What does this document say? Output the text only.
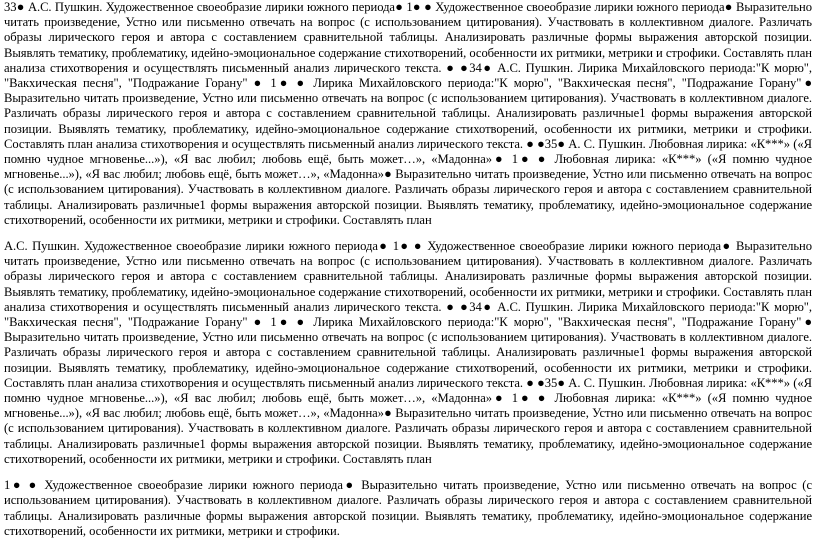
33● А.С. Пушкин. Художественное своеобразие лирики южного периода● 1● ● Художественное своеобразие лирики южного периода● Выразительно читать произведение, Устно или письменно отвечать на вопрос (с использованием цитирования). Участвовать в коллективном диалоге. Различать образы лирического героя и автора с составлением сравнительной таблицы. Анализировать различные формы выражения авторской позиции. Выявлять тематику, проблематику, идейно-эмоциональное содержание стихотворений, особенности их ритмики, метрики и строфики. Составлять план анализа стихотворения и осуществлять письменный анализ лирического текста. ● ●34● А.С. Пушкин. Лирика Михайловского периода:"К морю", "Вакхическая песня", "Подражание Горану" ● 1● ● Лирика Михайловского периода:"К морю", "Вакхическая песня", "Подражание Горану"● Выразительно читать произведение, Устно или письменно отвечать на вопрос (с использованием цитирования). Участвовать в коллективном диалоге. Различать образы лирического героя и автора с составлением сравнительной таблицы. Анализировать различные1 формы выражения авторской позиции. Выявлять тематику, проблематику, идейно-эмоциональное содержание стихотворений, особенности их ритмики, метрики и строфики. Составлять план анализа стихотворения и осуществлять письменный анализ лирического текста. ● ●35● А. С. Пушкин. Любовная лирика: «К***» («Я помню чудное мгновенье...»), «Я вас любил; любовь ещё, быть может…», «Мадонна»● 1● ● Любовная лирика: «К***» («Я помню чудное мгновенье...»), «Я вас любил; любовь ещё, быть может…», «Мадонна»● Выразительно читать произведение, Устно или письменно отвечать на вопрос (с использованием цитирования). Участвовать в коллективном диалоге. Различать образы лирического героя и автора с составлением сравнительной таблицы. Анализировать различные1 формы выражения авторской позиции. Выявлять тематику, проблематику, идейно-эмоциональное содержание стихотворений, особенности их ритмики, метрики и строфики. Составлять план

А.С. Пушкин. Художественное своеобразие лирики южного периода● 1● ● Художественное своеобразие лирики южного периода● Выразительно читать произведение, Устно или письменно отвечать на вопрос (с использованием цитирования). Участвовать в коллективном диалоге. Различать образы лирического героя и автора с составлением сравнительной таблицы. Анализировать различные формы выражения авторской позиции. Выявлять тематику, проблематику, идейно-эмоциональное содержание стихотворений, особенности их ритмики, метрики и строфики. Составлять план анализа стихотворения и осуществлять письменный анализ лирического текста. ● ●34● А.С. Пушкин. Лирика Михайловского периода:"К морю", "Вакхическая песня", "Подражание Горану" ● 1● ● Лирика Михайловского периода:"К морю", "Вакхическая песня", "Подражание Горану"● Выразительно читать произведение, Устно или письменно отвечать на вопрос (с использованием цитирования). Участвовать в коллективном диалоге. Различать образы лирического героя и автора с составлением сравнительной таблицы. Анализировать различные1 формы выражения авторской позиции. Выявлять тематику, проблематику, идейно-эмоциональное содержание стихотворений, особенности их ритмики, метрики и строфики. Составлять план анализа стихотворения и осуществлять письменный анализ лирического текста. ● ●35● А. С. Пушкин. Любовная лирика: «К***» («Я помню чудное мгновенье...»), «Я вас любил; любовь ещё, быть может…», «Мадонна»● 1● ● Любовная лирика: «К***» («Я помню чудное мгновенье...»), «Я вас любил; любовь ещё, быть может…», «Мадонна»● Выразительно читать произведение, Устно или письменно отвечать на вопрос (с использованием цитирования). Участвовать в коллективном диалоге. Различать образы лирического героя и автора с составлением сравнительной таблицы. Анализировать различные1 формы выражения авторской позиции. Выявлять тематику, проблематику, идейно-эмоциональное содержание стихотворений, особенности их ритмики, метрики и строфики. Составлять план

1● ● Художественное своеобразие лирики южного периода● Выразительно читать произведение, Устно или письменно отвечать на вопрос (с использованием цитирования). Участвовать в коллективном диалоге. Различать образы лирического героя и автора с составлением сравнительной таблицы. Анализировать различные формы выражения авторской позиции. Выявлять тематику, проблематику, идейно-эмоциональное содержание стихотворений, особенности их ритмики, метрики и строфики.
